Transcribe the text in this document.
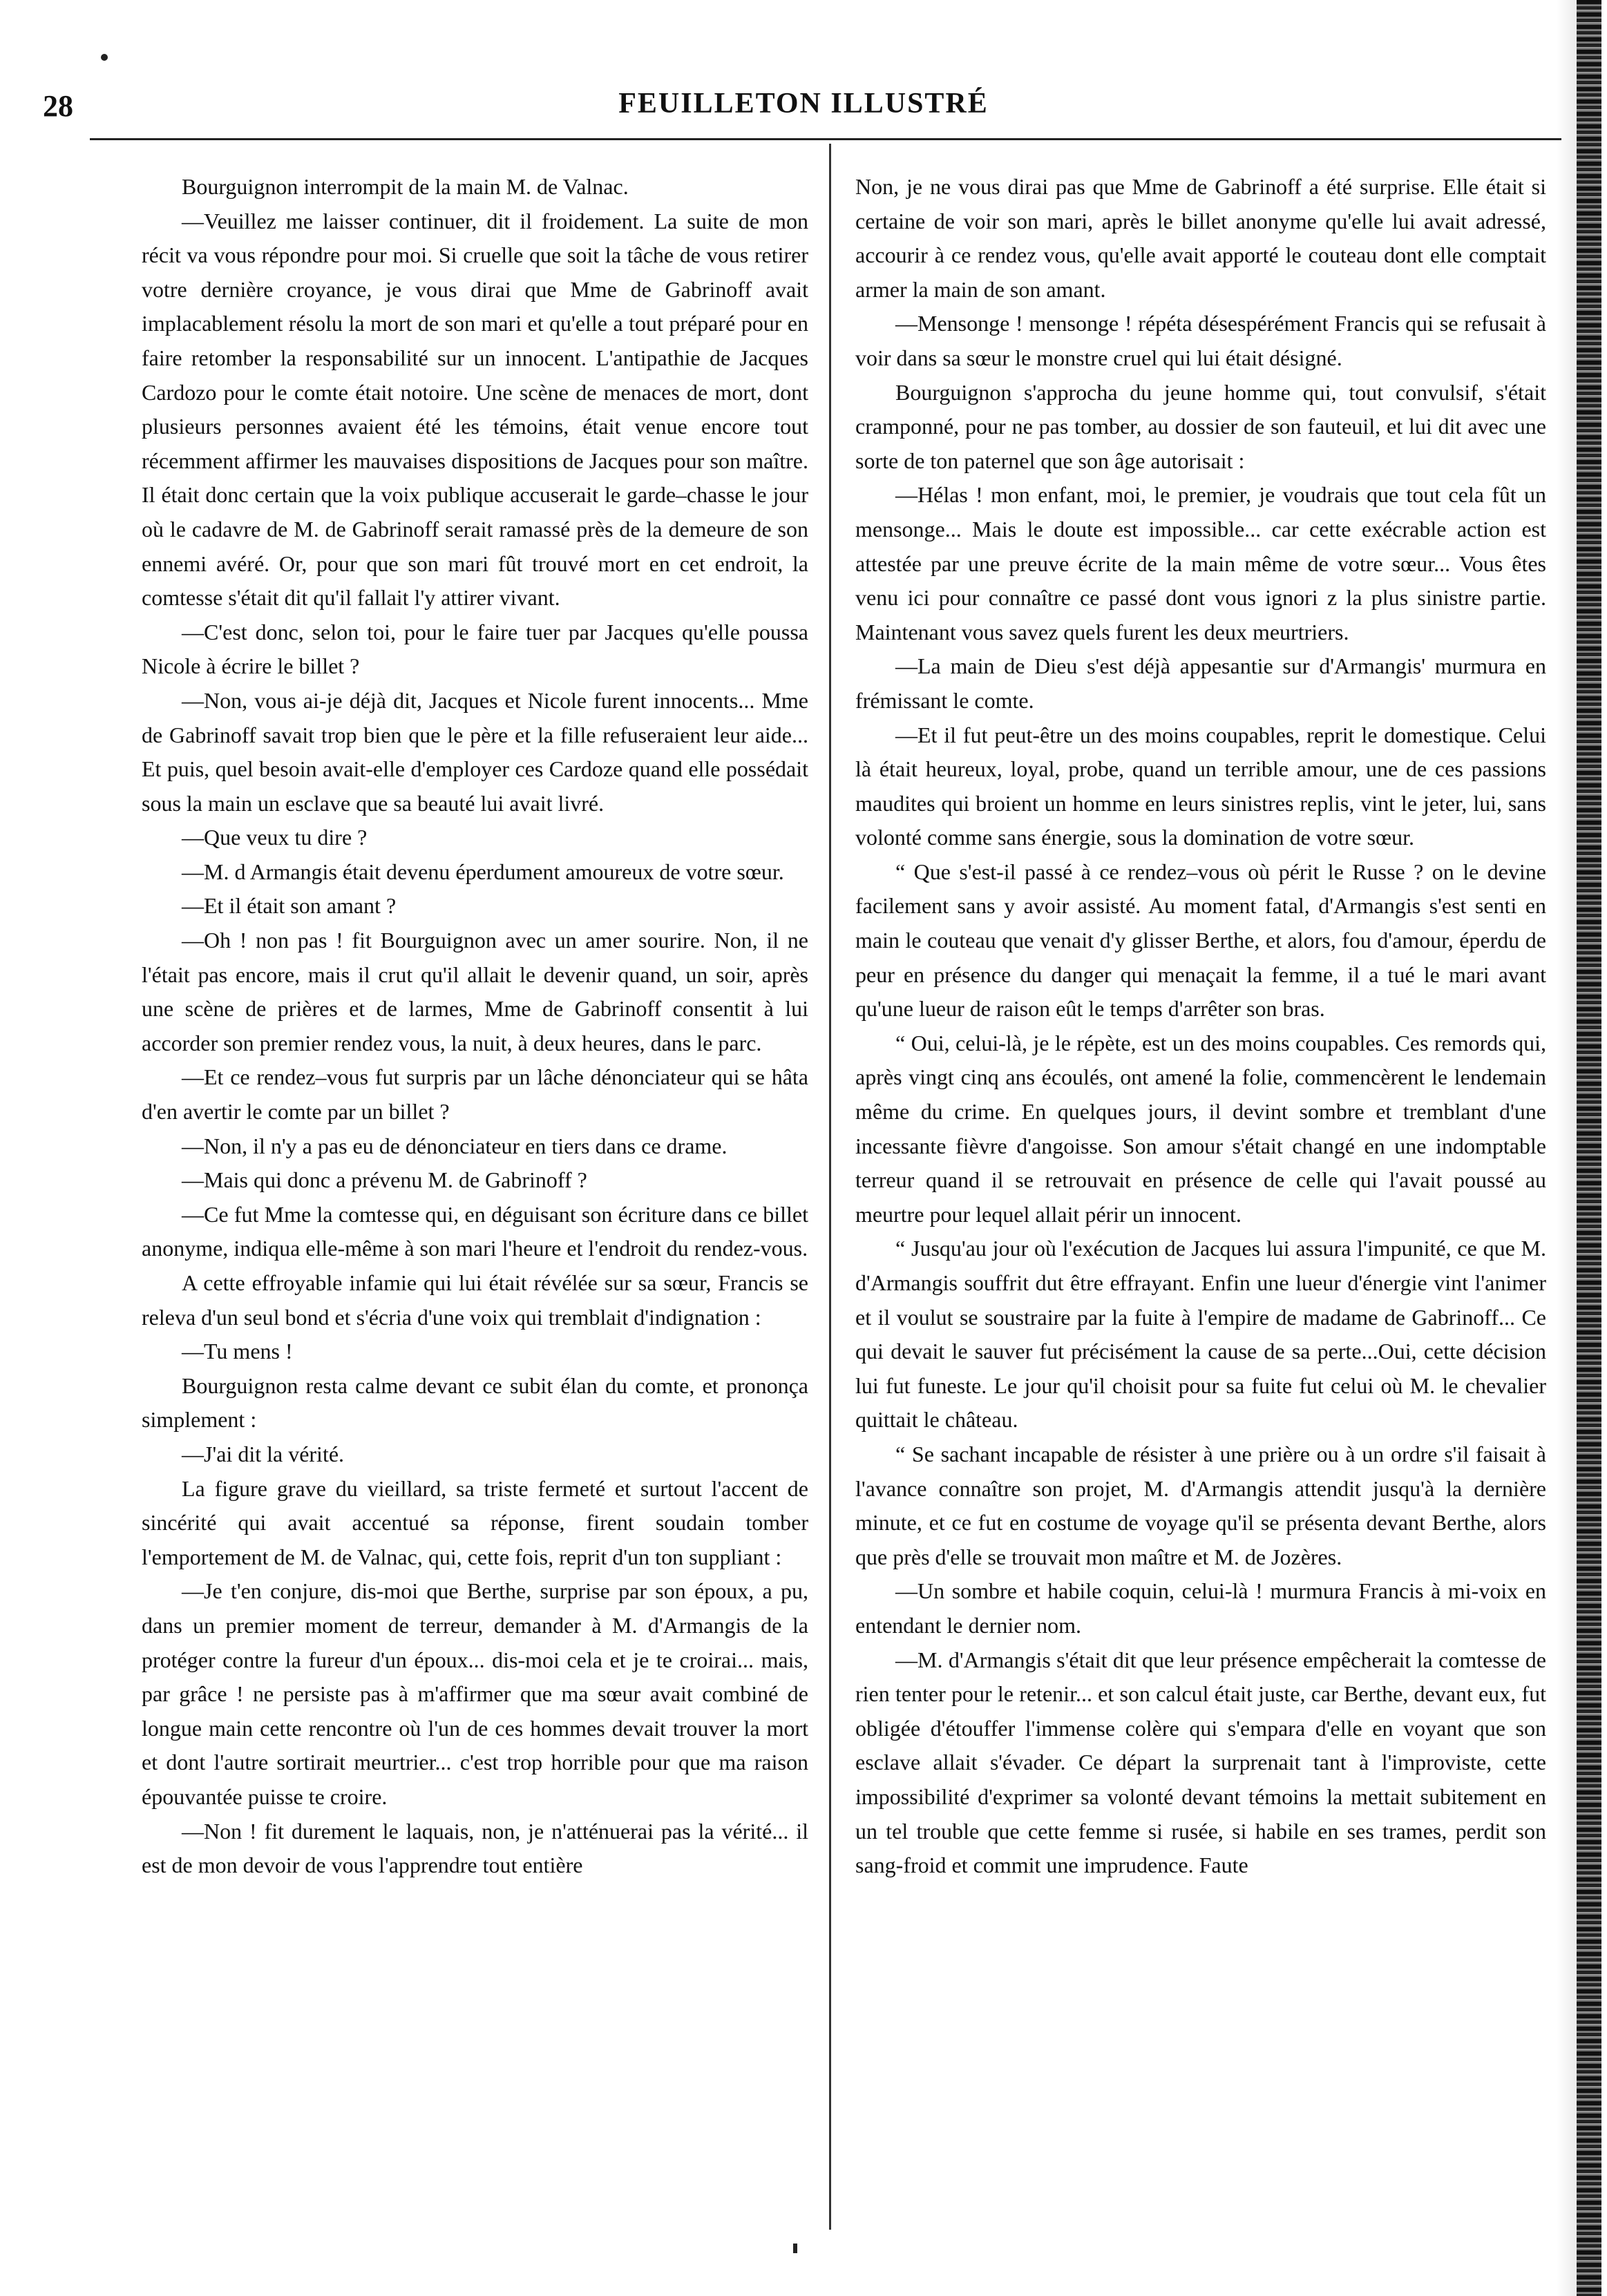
28	FEUILLETON ILLUSTRÉ

Bourguignon interrompit de la main M. de Valnac.

—Veuillez me laisser continuer, dit il froidement. La suite de mon récit va vous répondre pour moi. Si cruelle que soit la tâche de vous retirer votre dernière croyance, je vous dirai que Mme de Gabrinoff avait implacablement résolu la mort de son mari et qu'elle a tout préparé pour en faire retomber la responsabilité sur un innocent. L'antipathie de Jacques Cardozo pour le comte était notoire. Une scène de menaces de mort, dont plusieurs personnes avaient été les témoins, était venue encore tout récemment affirmer les mauvaises dispositions de Jacques pour son maître. Il était donc certain que la voix publique accuserait le garde–chasse le jour où le cadavre de M. de Gabrinoff serait ramassé près de la demeure de son ennemi avéré. Or, pour que son mari fût trouvé mort en cet endroit, la comtesse s'était dit qu'il fallait l'y attirer vivant.

—C'est donc, selon toi, pour le faire tuer par Jacques qu'elle poussa Nicole à écrire le billet ?

—Non, vous ai-je déjà dit, Jacques et Nicole furent innocents... Mme de Gabrinoff savait trop bien que le père et la fille refuseraient leur aide... Et puis, quel besoin avait-elle d'employer ces Cardoze quand elle possédait sous la main un esclave que sa beauté lui avait livré.

—Que veux tu dire ?

—M. d Armangis était devenu éperdument amoureux de votre sœur.

—Et il était son amant ?

—Oh ! non pas ! fit Bourguignon avec un amer sourire. Non, il ne l'était pas encore, mais il crut qu'il allait le devenir quand, un soir, après une scène de prières et de larmes, Mme de Gabrinoff consentit à lui accorder son premier rendez vous, la nuit, à deux heures, dans le parc.

—Et ce rendez–vous fut surpris par un lâche dénonciateur qui se hâta d'en avertir le comte par un billet ?

—Non, il n'y a pas eu de dénonciateur en tiers dans ce drame.

—Mais qui donc a prévenu M. de Gabrinoff ?

—Ce fut Mme la comtesse qui, en déguisant son écriture dans ce billet anonyme, indiqua elle-même à son mari l'heure et l'endroit du rendez-vous.

A cette effroyable infamie qui lui était révélée sur sa sœur, Francis se releva d'un seul bond et s'écria d'une voix qui tremblait d'indignation :

—Tu mens !

Bourguignon resta calme devant ce subit élan du comte, et prononça simplement :

—J'ai dit la vérité.

La figure grave du vieillard, sa triste fermeté et surtout l'accent de sincérité qui avait accentué sa réponse, firent soudain tomber l'emportement de M. de Valnac, qui, cette fois, reprit d'un ton suppliant :

—Je t'en conjure, dis-moi que Berthe, surprise par son époux, a pu, dans un premier moment de terreur, demander à M. d'Armangis de la protéger contre la fureur d'un époux... dis-moi cela et je te croirai... mais, par grâce ! ne persiste pas à m'affirmer que ma sœur avait combiné de longue main cette rencontre où l'un de ces hommes devait trouver la mort et dont l'autre sortirait meurtrier... c'est trop horrible pour que ma raison épouvantée puisse te croire.

—Non ! fit durement le laquais, non, je n'atténuerai pas la vérité... il est de mon devoir de vous l'apprendre tout entière

Non, je ne vous dirai pas que Mme de Gabrinoff a été surprise. Elle était si certaine de voir son mari, après le billet anonyme qu'elle lui avait adressé, accourir à ce rendez vous, qu'elle avait apporté le couteau dont elle comptait armer la main de son amant.

—Mensonge ! mensonge ! répéta désespérément Francis qui se refusait à voir dans sa sœur le monstre cruel qui lui était désigné.

Bourguignon s'approcha du jeune homme qui, tout convulsif, s'était cramponné, pour ne pas tomber, au dossier de son fauteuil, et lui dit avec une sorte de ton paternel que son âge autorisait :

—Hélas ! mon enfant, moi, le premier, je voudrais que tout cela fût un mensonge... Mais le doute est impossible... car cette exécrable action est attestée par une preuve écrite de la main même de votre sœur... Vous êtes venu ici pour connaître ce passé dont vous ignori z la plus sinistre partie. Maintenant vous savez quels furent les deux meurtriers.

—La main de Dieu s'est déjà appesantie sur d'Armangis' murmura en frémissant le comte.

—Et il fut peut-être un des moins coupables, reprit le domestique. Celui là était heureux, loyal, probe, quand un terrible amour, une de ces passions maudites qui broient un homme en leurs sinistres replis, vint le jeter, lui, sans volonté comme sans énergie, sous la domination de votre sœur.

“ Que s'est-il passé à ce rendez–vous où périt le Russe ? on le devine facilement sans y avoir assisté. Au moment fatal, d'Armangis s'est senti en main le couteau que venait d'y glisser Berthe, et alors, fou d'amour, éperdu de peur en présence du danger qui menaçait la femme, il a tué le mari avant qu'une lueur de raison eût le temps d'arrêter son bras.

“ Oui, celui-là, je le répète, est un des moins coupables. Ces remords qui, après vingt cinq ans écoulés, ont amené la folie, commencèrent le lendemain même du crime. En quelques jours, il devint sombre et tremblant d'une incessante fièvre d'angoisse. Son amour s'était changé en une indomptable terreur quand il se retrouvait en présence de celle qui l'avait poussé au meurtre pour lequel allait périr un innocent.

“ Jusqu'au jour où l'exécution de Jacques lui assura l'impunité, ce que M. d'Armangis souffrit dut être effrayant. Enfin une lueur d'énergie vint l'animer et il voulut se soustraire par la fuite à l'empire de madame de Gabrinoff... Ce qui devait le sauver fut précisément la cause de sa perte...Oui, cette décision lui fut funeste. Le jour qu'il choisit pour sa fuite fut celui où M. le chevalier quittait le château.

“ Se sachant incapable de résister à une prière ou à un ordre s'il faisait à l'avance connaître son projet, M. d'Armangis attendit jusqu'à la dernière minute, et ce fut en costume de voyage qu'il se présenta devant Berthe, alors que près d'elle se trouvait mon maître et M. de Jozères.

—Un sombre et habile coquin, celui-là ! murmura Francis à mi-voix en entendant le dernier nom.

—M. d'Armangis s'était dit que leur présence empêcherait la comtesse de rien tenter pour le retenir... et son calcul était juste, car Berthe, devant eux, fut obligée d'étouffer l'immense colère qui s'empara d'elle en voyant que son esclave allait s'évader. Ce départ la surprenait tant à l'improviste, cette impossibilité d'exprimer sa volonté devant témoins la mettait subitement en un tel trouble que cette femme si rusée, si habile en ses trames, perdit son sang-froid et commit une imprudence. Faute
